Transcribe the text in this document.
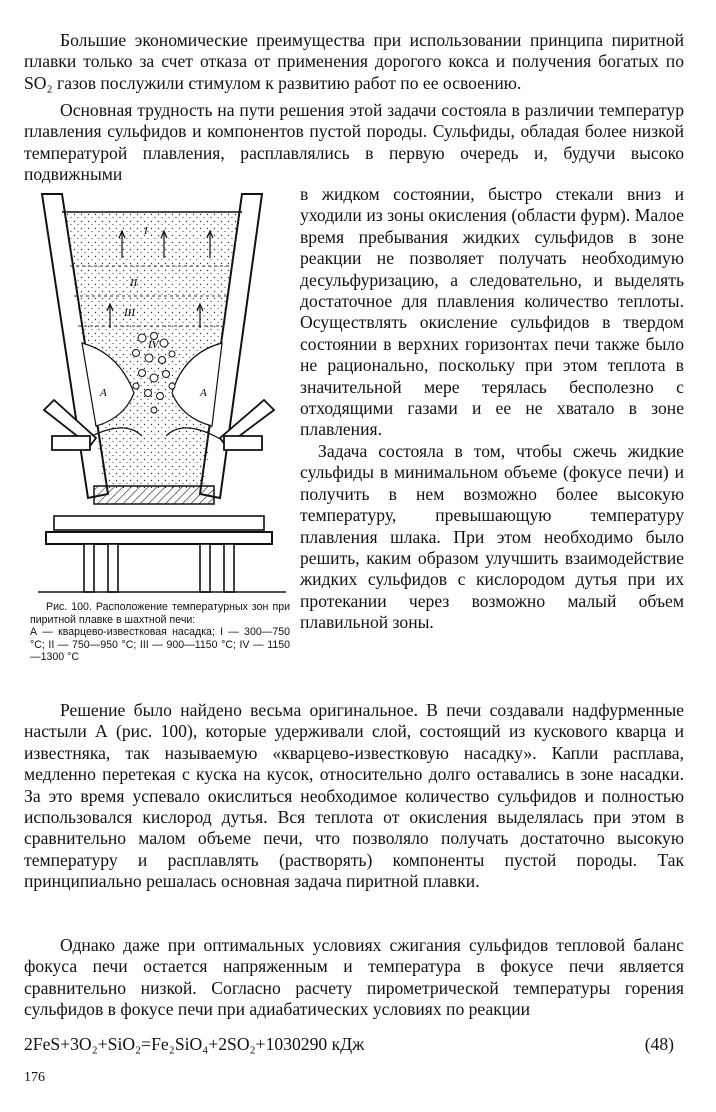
Большие экономические преимущества при использовании принципа пиритной плавки только за счет отказа от применения дорогого кокса и получения богатых по SO₂ газов послужили стимулом к развитию работ по ее освоению.

Основная трудность на пути решения этой задачи состояла в различии температур плавления сульфидов и компонентов пустой породы. Сульфиды, обладая более низкой температурой плавления, расплавлялись в первую очередь и, будучи высоко подвижными

I
II
III
IV
А	А
Рис. 100. Расположение температурных зон при пиритной плавке в шахтной печи:
А — кварцево-известковая насадка; I — 300—750 °С; II — 750—950 °С; III — 900—1150 °С; IV — 1150—1300 °С

в жидком состоянии, быстро стекали вниз и уходили из зоны окисления (области фурм). Малое время пребывания жидких сульфидов в зоне реакции не позволяет получать необходимую десульфуризацию, а следовательно, и выделять достаточное для плавления количество теплоты. Осуществлять окисление сульфидов в твердом состоянии в верхних горизонтах печи также было не рационально, поскольку при этом теплота в значительной мере терялась бесполезно с отходящими газами и ее не хватало в зоне плавления.

Задача состояла в том, чтобы сжечь жидкие сульфиды в минимальном объеме (фокусе печи) и получить в нем возможно более высокую температуру, превышающую температуру плавления шлака. При этом необходимо было решить, каким образом улучшить взаимодействие жидких сульфидов с кислородом дутья при их протекании через возможно малый объем плавильной зоны.

Решение было найдено весьма оригинальное. В печи создавали надфурменные настыли А (рис. 100), которые удерживали слой, состоящий из кускового кварца и известняка, так называемую «кварцево-известковую насадку». Капли расплава, медленно перетекая с куска на кусок, относительно долго оставались в зоне насадки. За это время успевало окислиться необходимое количество сульфидов и полностью использовался кислород дутья. Вся теплота от окисления выделялась при этом в сравнительно малом объеме печи, что позволяло получать достаточно высокую температуру и расплавлять (растворять) компоненты пустой породы. Так принципиально решалась основная задача пиритной плавки.

Однако даже при оптимальных условиях сжигания сульфидов тепловой баланс фокуса печи остается напряженным и температура в фокусе печи является сравнительно низкой. Согласно расчету пирометрической температуры горения сульфидов в фокусе печи при адиабатических условиях по реакции

2FeS+3O₂+SiO₂=Fe₂SiO₄+2SO₂+1030290 кДж	(48)
176
